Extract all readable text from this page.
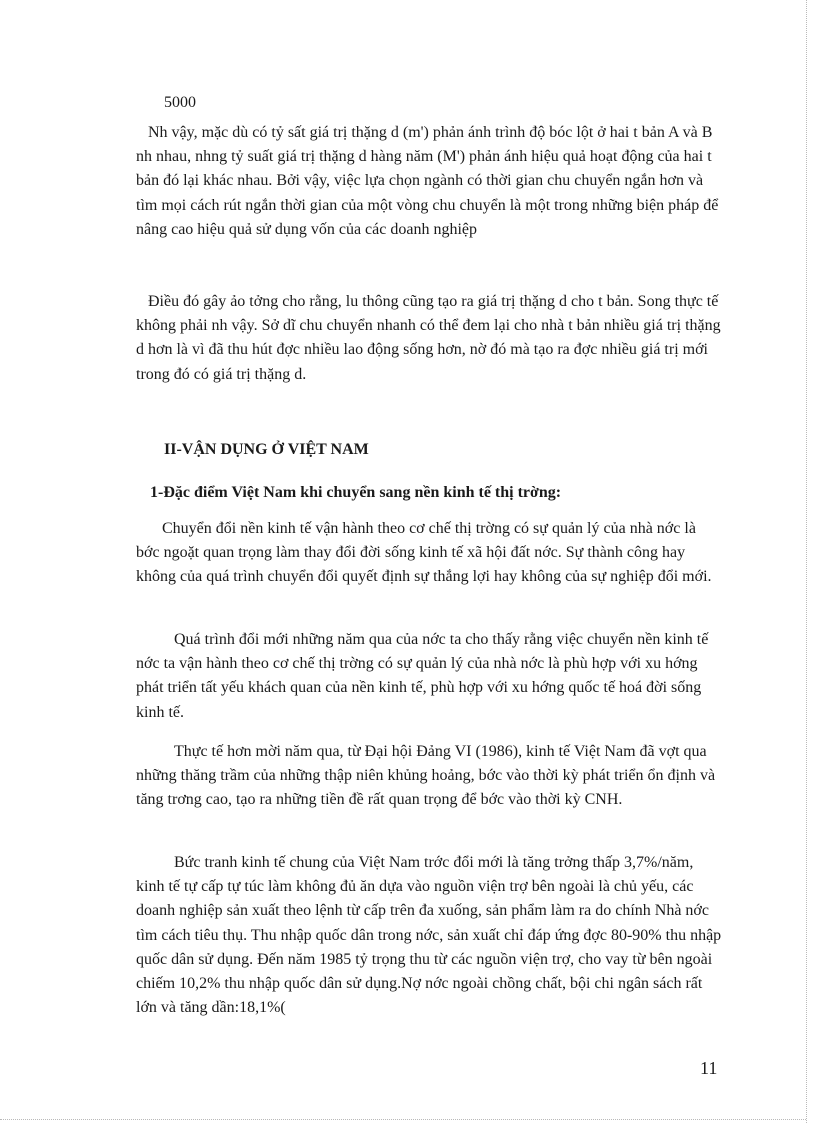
5000

Nh vậy, mặc dù có tỷ sất giá trị thặng d (m') phản ánh trình độ bóc lột ở hai t bản A và B nh nhau, nhng tỷ suất giá trị thặng d hàng năm (M') phản ánh hiệu quả hoạt động của hai t bản đó lại khác nhau. Bởi vậy, việc lựa chọn ngành có thời gian chu chuyển ngắn hơn và tìm mọi cách rút ngắn thời gian của một vòng chu chuyển là một trong những biện pháp để nâng cao hiệu quả sử dụng vốn của các doanh nghiệp

Điều đó gây ảo tởng cho rằng, lu thông cũng tạo ra giá trị thặng d cho t bản. Song thực tế không phải nh vậy. Sở dĩ chu chuyển nhanh có thể đem lại cho nhà t bản nhiều giá trị thặng d hơn là vì đã thu hút đợc nhiều lao động sống hơn, nờ đó mà tạo ra đợc nhiều giá trị mới trong đó có giá trị thặng d.

II-VẬN DỤNG Ở VIỆT NAM
1-Đặc điểm Việt Nam khi chuyển sang nền kinh tế thị trờng:

Chuyển đổi nền kinh tế vận hành theo cơ chế thị trờng có sự quản lý của nhà nớc là bớc ngoặt quan trọng làm thay đổi đời sống kinh tế xã hội đất nớc. Sự thành công hay không của quá trình chuyển đổi quyết định sự thắng lợi hay không của sự nghiệp đổi mới.

Quá trình đổi mới những năm qua của nớc ta cho thấy rằng việc chuyển nền kinh tế nớc ta vận hành theo cơ chế thị trờng có sự quản lý của nhà nớc là phù hợp với xu hớng phát triển tất yếu khách quan của nền kinh tế, phù hợp với xu hớng quốc tế hoá đời sống kinh tế.

Thực tế hơn mời năm qua, từ Đại hội Đảng VI (1986), kinh tế Việt Nam đã vợt qua những thăng trầm của những thập niên khủng hoảng, bớc vào thời kỳ phát triển ổn định và tăng trơng cao, tạo ra những tiền đề rất quan trọng để bớc vào thời kỳ CNH.

Bức tranh kinh tế chung của Việt Nam trớc đổi mới là tăng trởng thấp 3,7%/năm, kinh tế tự cấp tự túc làm không đủ ăn dựa vào nguồn viện trợ bên ngoài là chủ yếu, các doanh nghiệp sản xuất theo lệnh từ cấp trên đa xuống, sản phẩm làm ra do chính Nhà nớc tìm cách tiêu thụ. Thu nhập quốc dân trong nớc, sản xuất chỉ đáp ứng đợc 80-90% thu nhập quốc dân sử dụng. Đến năm 1985 tỷ trọng thu từ các nguồn viện trợ, cho vay từ bên ngoài chiếm 10,2% thu nhập quốc dân sử dụng.Nợ nớc ngoài chồng chất, bội chi ngân sách rất lớn và tăng dần:18,1%(

11
